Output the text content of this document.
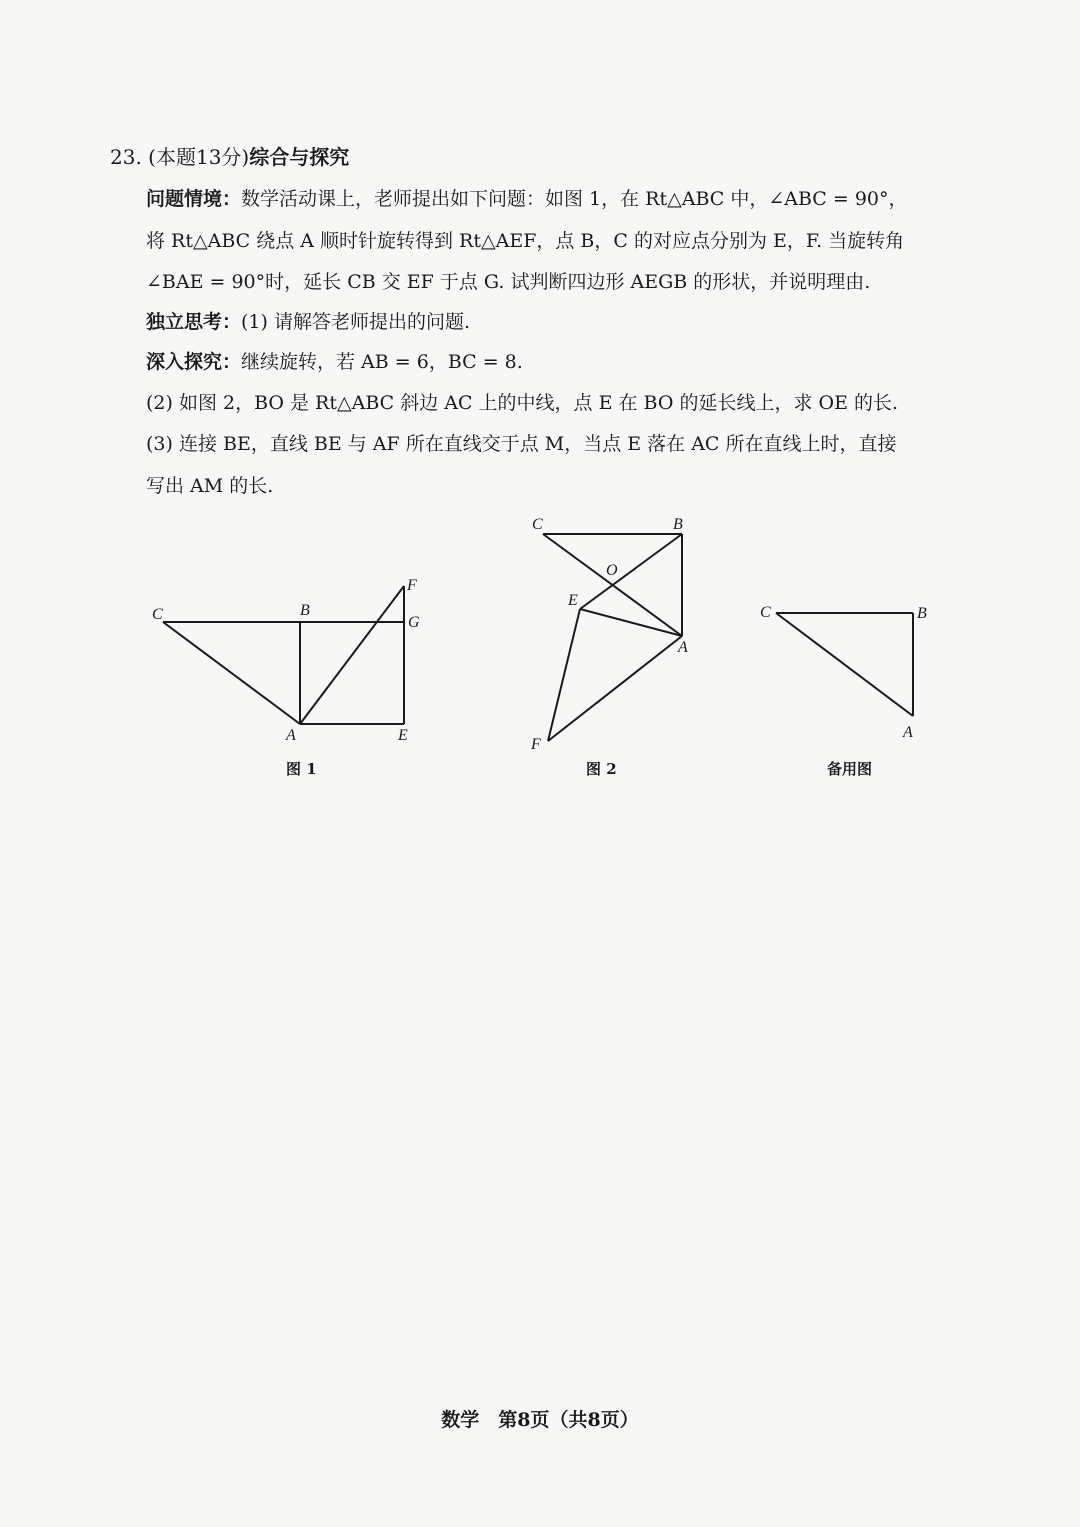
23. (本题13分)综合与探究
问题情境：数学活动课上，老师提出如下问题：如图 1，在 Rt△ABC 中，∠ABC = 90°，
将 Rt△ABC 绕点 A 顺时针旋转得到 Rt△AEF，点 B，C 的对应点分别为 E，F. 当旋转角
∠BAE = 90°时，延长 CB 交 EF 于点 G. 试判断四边形 AEGB 的形状，并说明理由.
独立思考：(1) 请解答老师提出的问题.
深入探究：继续旋转，若 AB = 6，BC = 8.
(2) 如图 2，BO 是 Rt△ABC 斜边 AC 上的中线，点 E 在 BO 的延长线上，求 OE 的长.
(3) 连接 BE，直线 BE 与 AF 所在直线交于点 M，当点 E 落在 AC 所在直线上时，直接
写出 AM 的长.
C	B
F
G
A	E
C	B
O
E
A
F
C	B
A
图 1	图 2	备用图
数学　第8页（共8页）
